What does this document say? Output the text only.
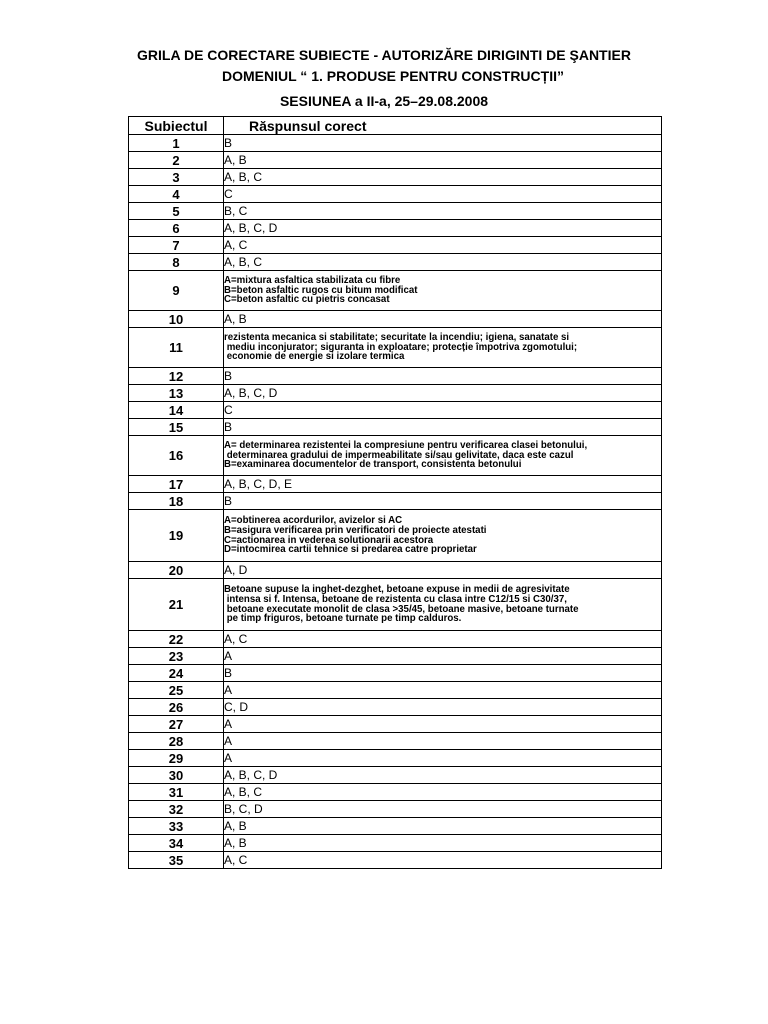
GRILA DE CORECTARE SUBIECTE - AUTORIZĂRE DIRIGINTI DE ŞANTIER
DOMENIUL “ 1. PRODUSE PENTRU CONSTRUCȚII”
SESIUNEA a II-a, 25–29.08.2008
Subiectul	Răspunsul corect
1	B

2	A, B

3	A, B, C

4	C

5	B, C

6	A, B, C, D

7	A, C

8	A, B, C

9	A=mixtura asfaltica stabilizata cu fibre
B=beton asfaltic rugos cu bitum modificat
C=beton asfaltic cu pietris concasat

10	A, B

11	rezistenta mecanica si stabilitate; securitate la incendiu; igiena, sanatate si
mediu inconjurator; siguranta in exploatare; protecție împotriva zgomotului;
economie de energie si izolare termica

12	B

13	A, B, C, D

14	C

15	B

16	A= determinarea rezistentei la compresiune pentru verificarea clasei betonului,
determinarea gradului de impermeabilitate si/sau gelivitate, daca este cazul
B=examinarea documentelor de transport, consistenta betonului

17	A, B, C, D, E

18	B

19	A=obtinerea acordurilor, avizelor si AC
B=asigura verificarea prin verificatori de proiecte atestati
C=actionarea in vederea solutionarii acestora
D=intocmirea cartii tehnice si predarea catre proprietar

20	A, D

21	Betoane supuse la inghet-dezghet, betoane expuse in medii de agresivitate
intensa si f. Intensa, betoane de rezistenta cu clasa intre C12/15 si C30/37,
betoane executate monolit de clasa >35/45, betoane masive, betoane turnate
pe timp friguros, betoane turnate pe timp calduros.

22	A, C

23	A

24	B

25	A

26	C, D

27	A

28	A

29	A

30	A, B, C, D

31	A, B, C

32	B, C, D

33	A, B

34	A, B

35	A, C
